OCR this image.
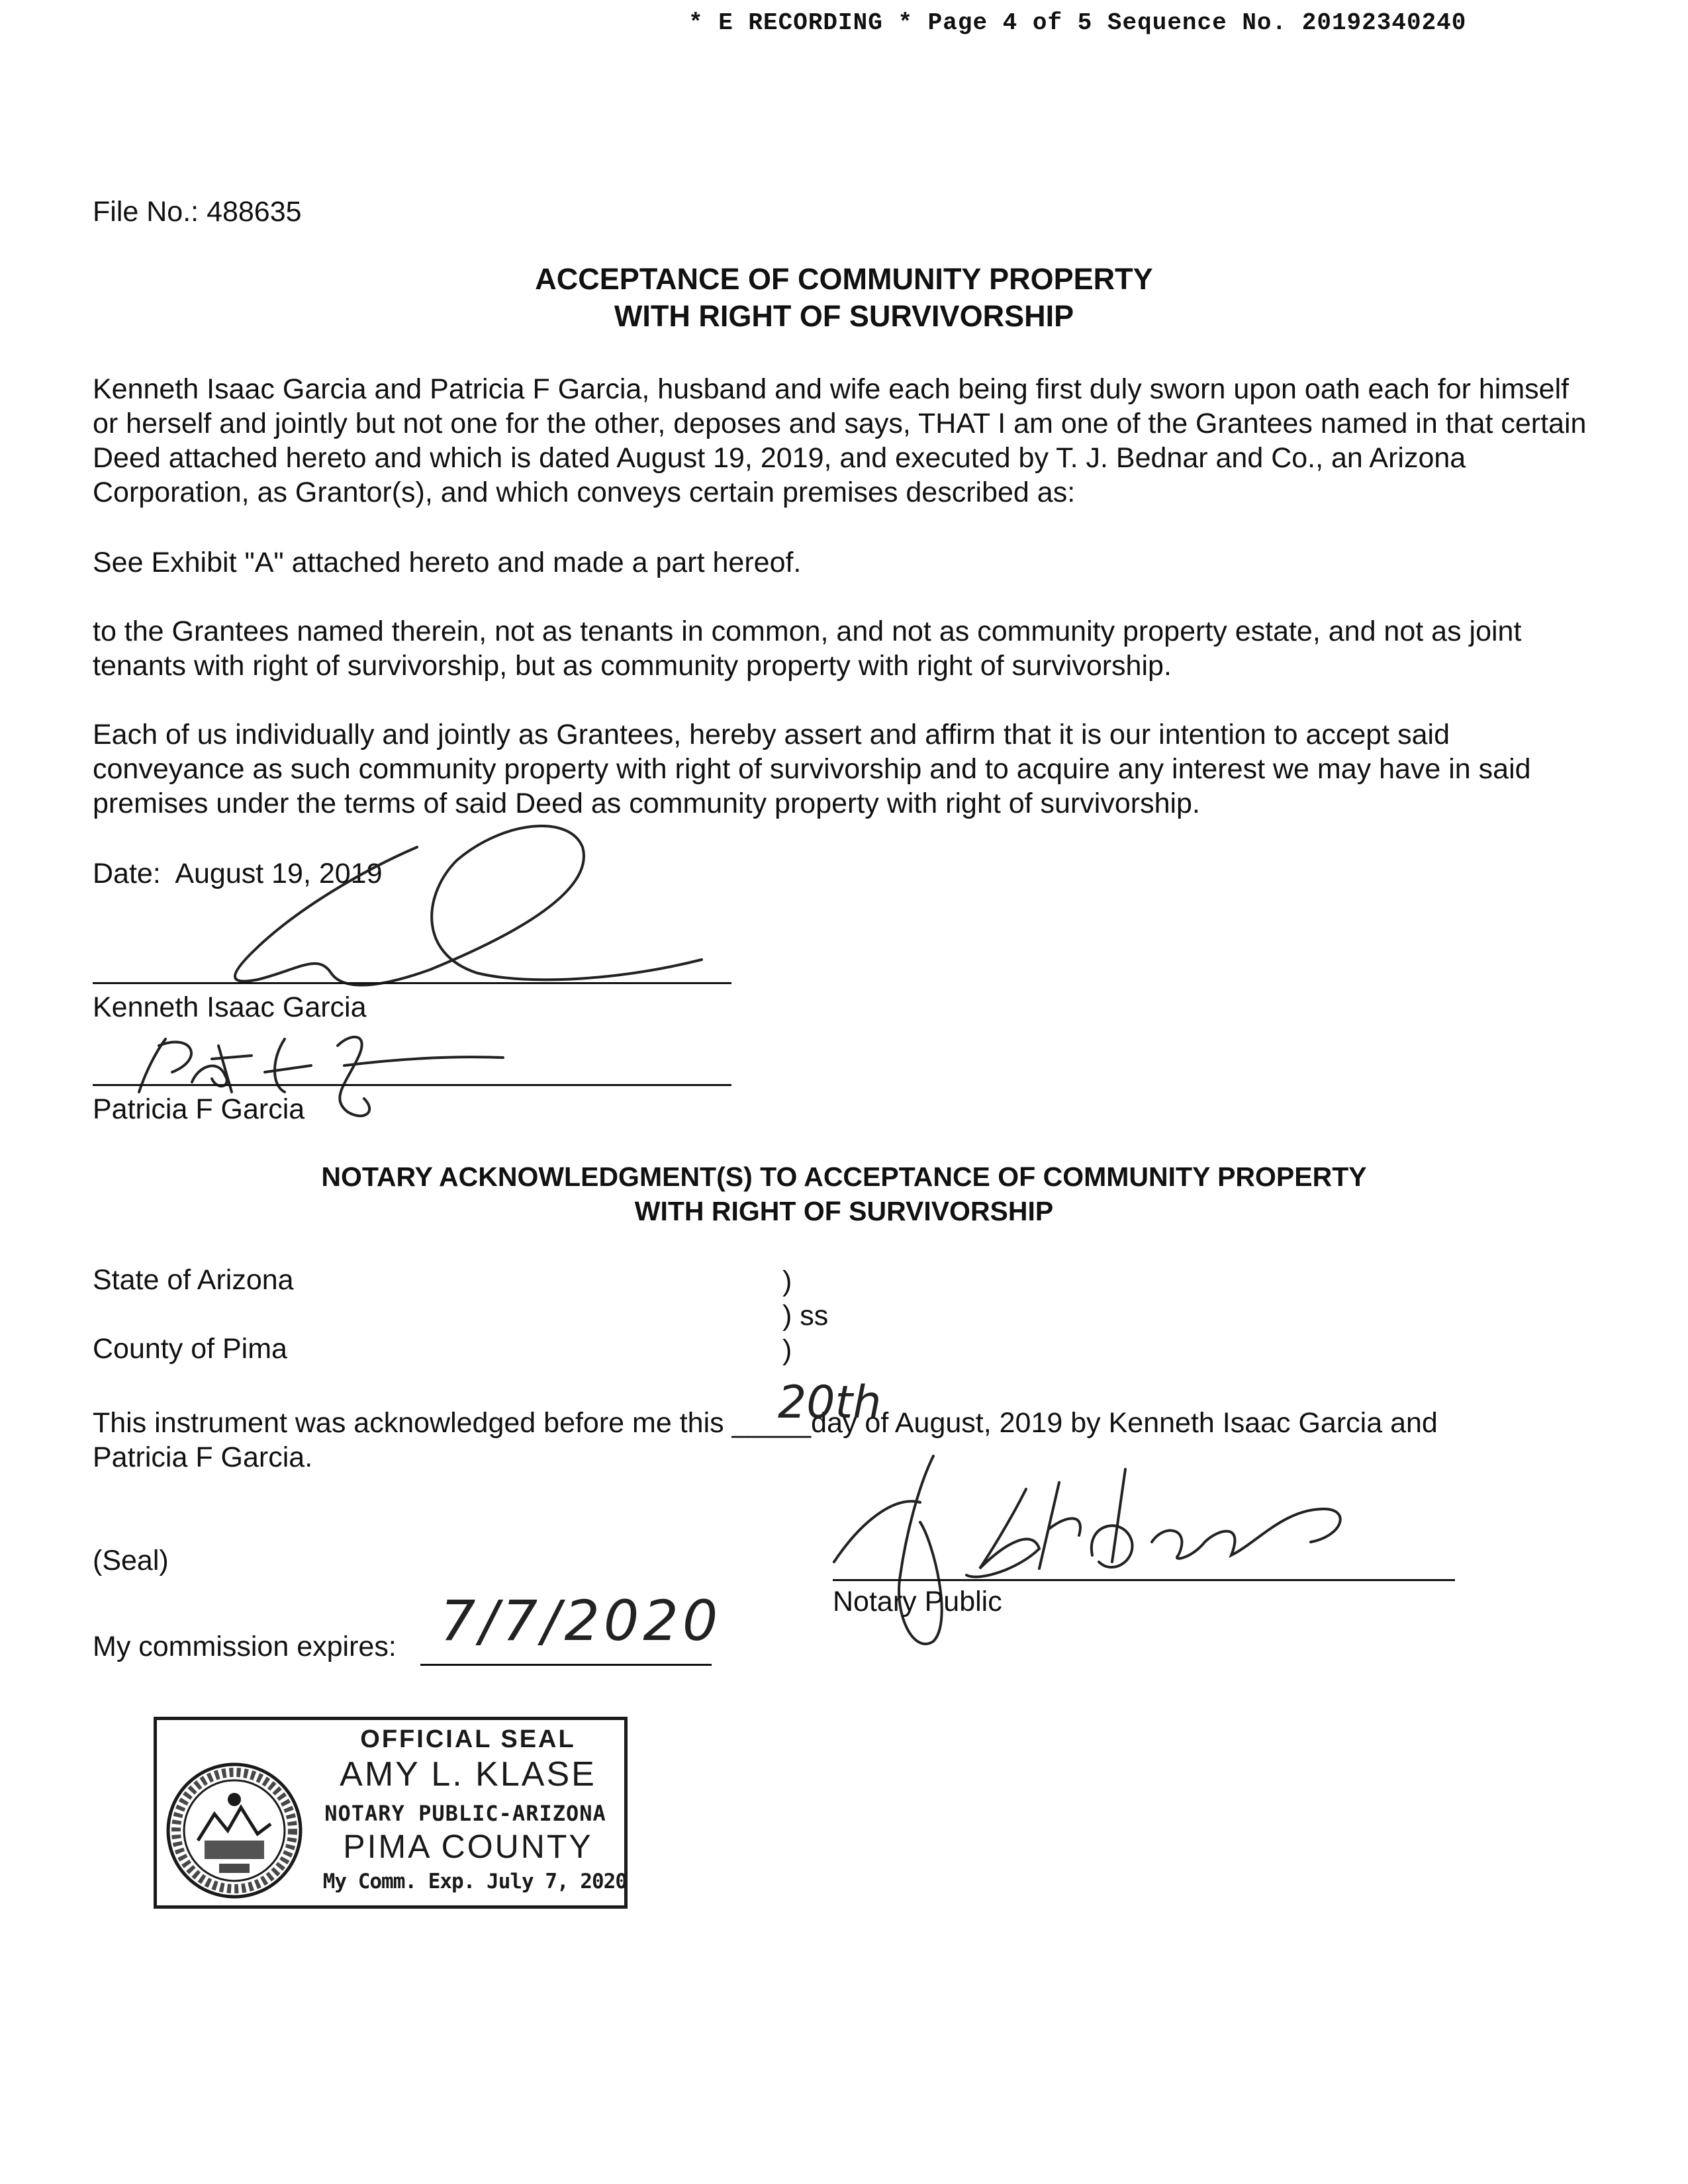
* E RECORDING * Page 4 of 5 Sequence No. 20192340240
File No.: 488635
ACCEPTANCE OF COMMUNITY PROPERTY
WITH RIGHT OF SURVIVORSHIP
Kenneth Isaac Garcia and Patricia F Garcia, husband and wife each being first duly sworn upon oath each for himself or herself and jointly but not one for the other, deposes and says, THAT I am one of the Grantees named in that certain Deed attached hereto and which is dated August 19, 2019, and executed by T. J. Bednar and Co., an Arizona Corporation, as Grantor(s), and which conveys certain premises described as:
See Exhibit "A" attached hereto and made a part hereof.
to the Grantees named therein, not as tenants in common, and not as community property estate, and not as joint tenants with right of survivorship, but as community property with right of survivorship.
Each of us individually and jointly as Grantees, hereby assert and affirm that it is our intention to accept said conveyance as such community property with right of survivorship and to acquire any interest we may have in said premises under the terms of said Deed as community property with right of survivorship.
Date: August 19, 2019
Kenneth Isaac Garcia
Patricia F Garcia
NOTARY ACKNOWLEDGMENT(S) TO ACCEPTANCE OF COMMUNITY PROPERTY
WITH RIGHT OF SURVIVORSHIP
State of Arizona
County of Pima
)
) ss
)
This instrument was acknowledged before me this _____day of August, 2019 by Kenneth Isaac Garcia and
20th
Patricia F Garcia.
Notary Public
(Seal)
My commission expires: 7/7/2020
OFFICIAL SEAL
AMY L. KLASE
NOTARY PUBLIC-ARIZONA
PIMA COUNTY
My Comm. Exp. July 7, 2020
